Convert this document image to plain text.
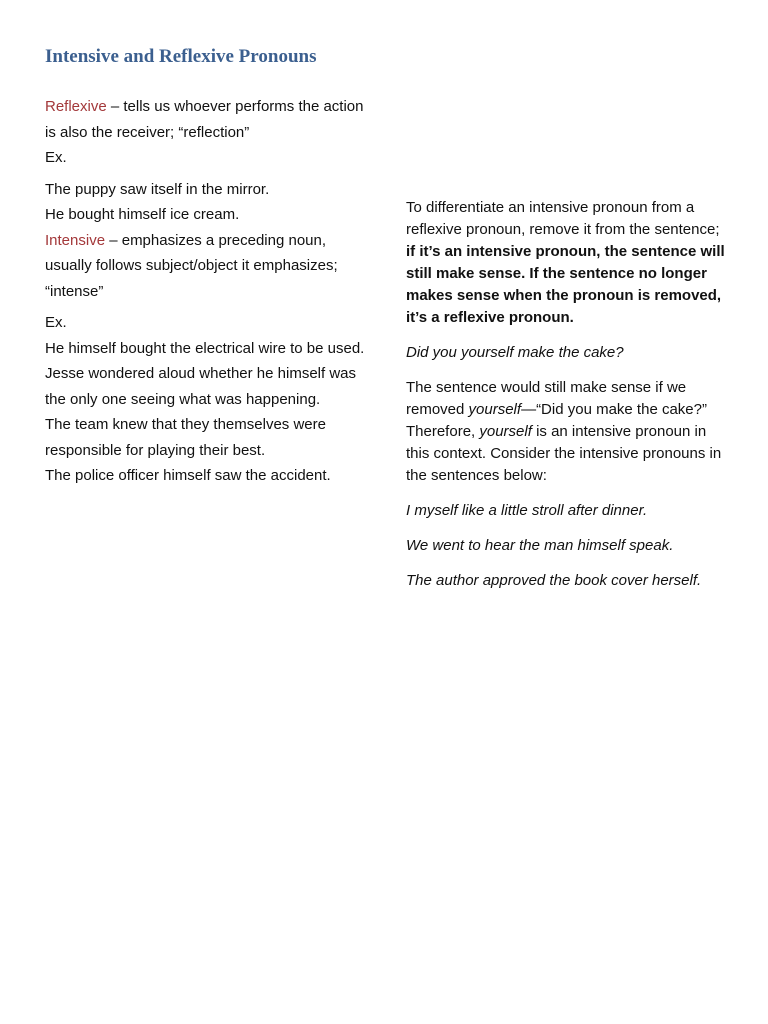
Intensive and Reflexive Pronouns

Reflexive – tells us whoever performs the action is also the receiver; “reflection”

Ex.

The puppy saw itself in the mirror.

He bought himself ice cream.

Intensive – emphasizes a preceding noun, usually follows subject/object it emphasizes; “intense”

Ex.

He himself bought the electrical wire to be used.

Jesse wondered aloud whether he himself was the only one seeing what was happening.

The team knew that they themselves were responsible for playing their best.

The police officer himself saw the accident.

To differentiate an intensive pronoun from a reflexive pronoun, remove it from the sentence; if it’s an intensive pronoun, the sentence will still make sense. If the sentence no longer makes sense when the pronoun is removed, it’s a reflexive pronoun.

Did you yourself make the cake?

The sentence would still make sense if we removed yourself—“Did you make the cake?” Therefore, yourself is an intensive pronoun in this context. Consider the intensive pronouns in the sentences below:

I myself like a little stroll after dinner.

We went to hear the man himself speak.

The author approved the book cover herself.
